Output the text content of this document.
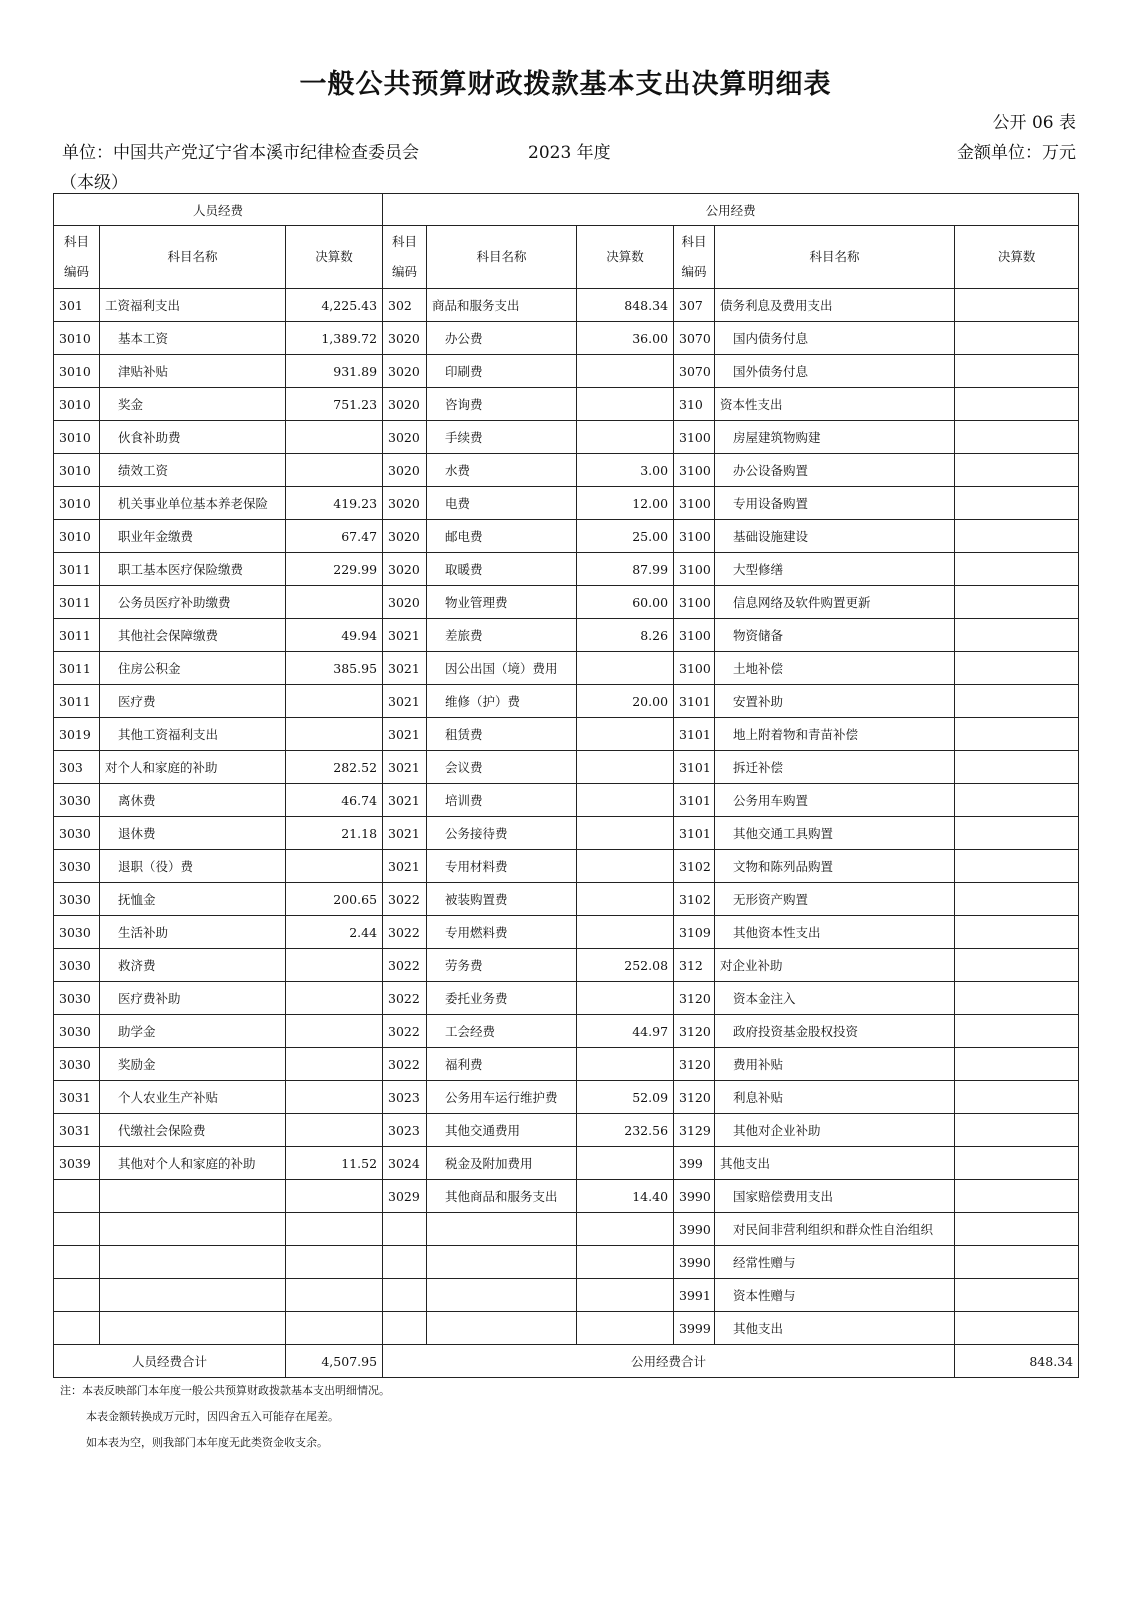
一般公共预算财政拨款基本支出决算明细表
公开 06 表
单位：中国共产党辽宁省本溪市纪律检查委员会	2023 年度	金额单位：万元
（本级）
人员经费			公用经费					
科目编码	科目名称	决算数	科目编码	科目名称	决算数	科目编码	科目名称	决算数
301	工资福利支出	4,225.43	302	商品和服务支出	848.34	307	债务利息及费用支出	
3010	基本工资	1,389.72	3020	办公费	36.00	3070	国内债务付息	
3010	津贴补贴	931.89	3020	印刷费		3070	国外债务付息	
3010	奖金	751.23	3020	咨询费		310	资本性支出	
3010	伙食补助费		3020	手续费		3100	房屋建筑物购建	
3010	绩效工资		3020	水费	3.00	3100	办公设备购置	
3010	机关事业单位基本养老保险	419.23	3020	电费	12.00	3100	专用设备购置	
3010	职业年金缴费	67.47	3020	邮电费	25.00	3100	基础设施建设	
3011	职工基本医疗保险缴费	229.99	3020	取暖费	87.99	3100	大型修缮	
3011	公务员医疗补助缴费		3020	物业管理费	60.00	3100	信息网络及软件购置更新	
3011	其他社会保障缴费	49.94	3021	差旅费	8.26	3100	物资储备	
3011	住房公积金	385.95	3021	因公出国（境）费用		3100	土地补偿	
3011	医疗费		3021	维修（护）费	20.00	3101	安置补助	
3019	其他工资福利支出		3021	租赁费		3101	地上附着物和青苗补偿	
303	对个人和家庭的补助	282.52	3021	会议费		3101	拆迁补偿	
3030	离休费	46.74	3021	培训费		3101	公务用车购置	
3030	退休费	21.18	3021	公务接待费		3101	其他交通工具购置	
3030	退职（役）费		3021	专用材料费		3102	文物和陈列品购置	
3030	抚恤金	200.65	3022	被装购置费		3102	无形资产购置	
3030	生活补助	2.44	3022	专用燃料费		3109	其他资本性支出	
3030	救济费		3022	劳务费	252.08	312	对企业补助	
3030	医疗费补助		3022	委托业务费		3120	资本金注入	
3030	助学金		3022	工会经费	44.97	3120	政府投资基金股权投资	
3030	奖励金		3022	福利费		3120	费用补贴	
3031	个人农业生产补贴		3023	公务用车运行维护费	52.09	3120	利息补贴	
3031	代缴社会保险费		3023	其他交通费用	232.56	3129	其他对企业补助	
3039	其他对个人和家庭的补助	11.52	3024	税金及附加费用		399	其他支出	
			3029	其他商品和服务支出	14.40	3990	国家赔偿费用支出	
						3990	对民间非营利组织和群众性自治组织	
						3990	经常性赠与	
						3991	资本性赠与	
						3999	其他支出	
人员经费合计		4,507.95	公用经费合计					848.34
注：本表反映部门本年度一般公共预算财政拨款基本支出明细情况。
本表金额转换成万元时，因四舍五入可能存在尾差。
如本表为空，则我部门本年度无此类资金收支余。
